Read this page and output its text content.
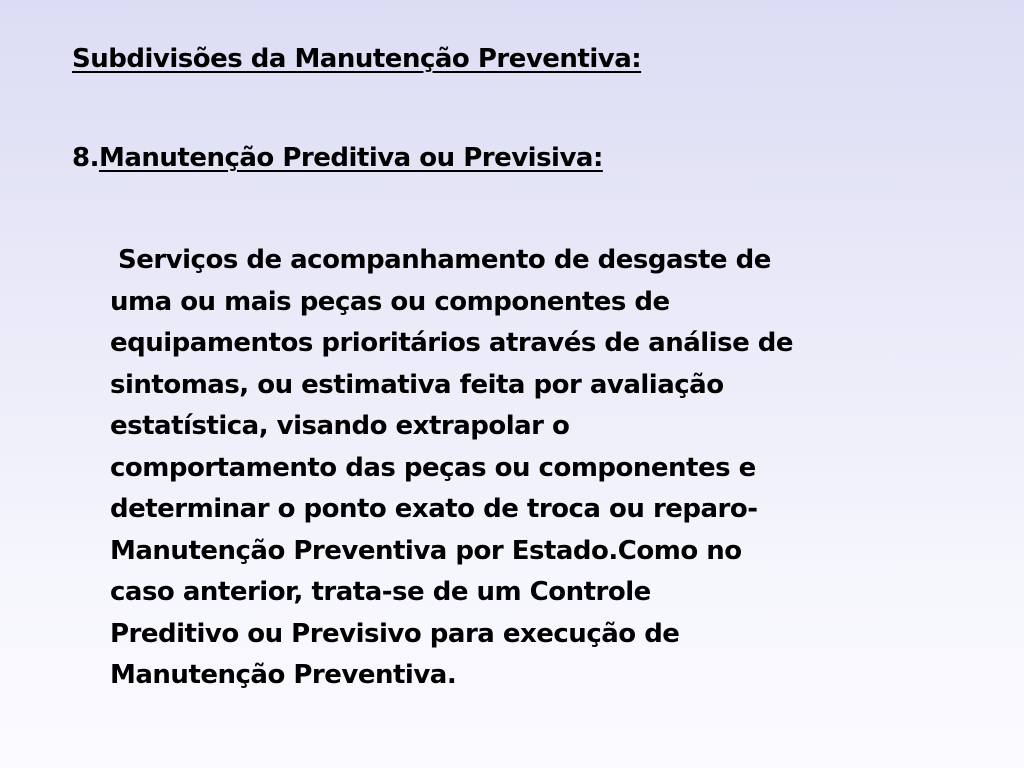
Subdivisões da Manutenção Preventiva:
8.Manutenção Preditiva ou Previsiva:
Serviços de acompanhamento de desgaste de
uma ou mais peças ou componentes de
equipamentos prioritários através de análise de
sintomas, ou estimativa feita por avaliação
estatística, visando extrapolar o
comportamento das peças ou componentes e
determinar o ponto exato de troca ou reparo-
Manutenção Preventiva por Estado.Como no
caso anterior, trata-se de um Controle
Preditivo ou Previsivo para execução de
Manutenção Preventiva.
